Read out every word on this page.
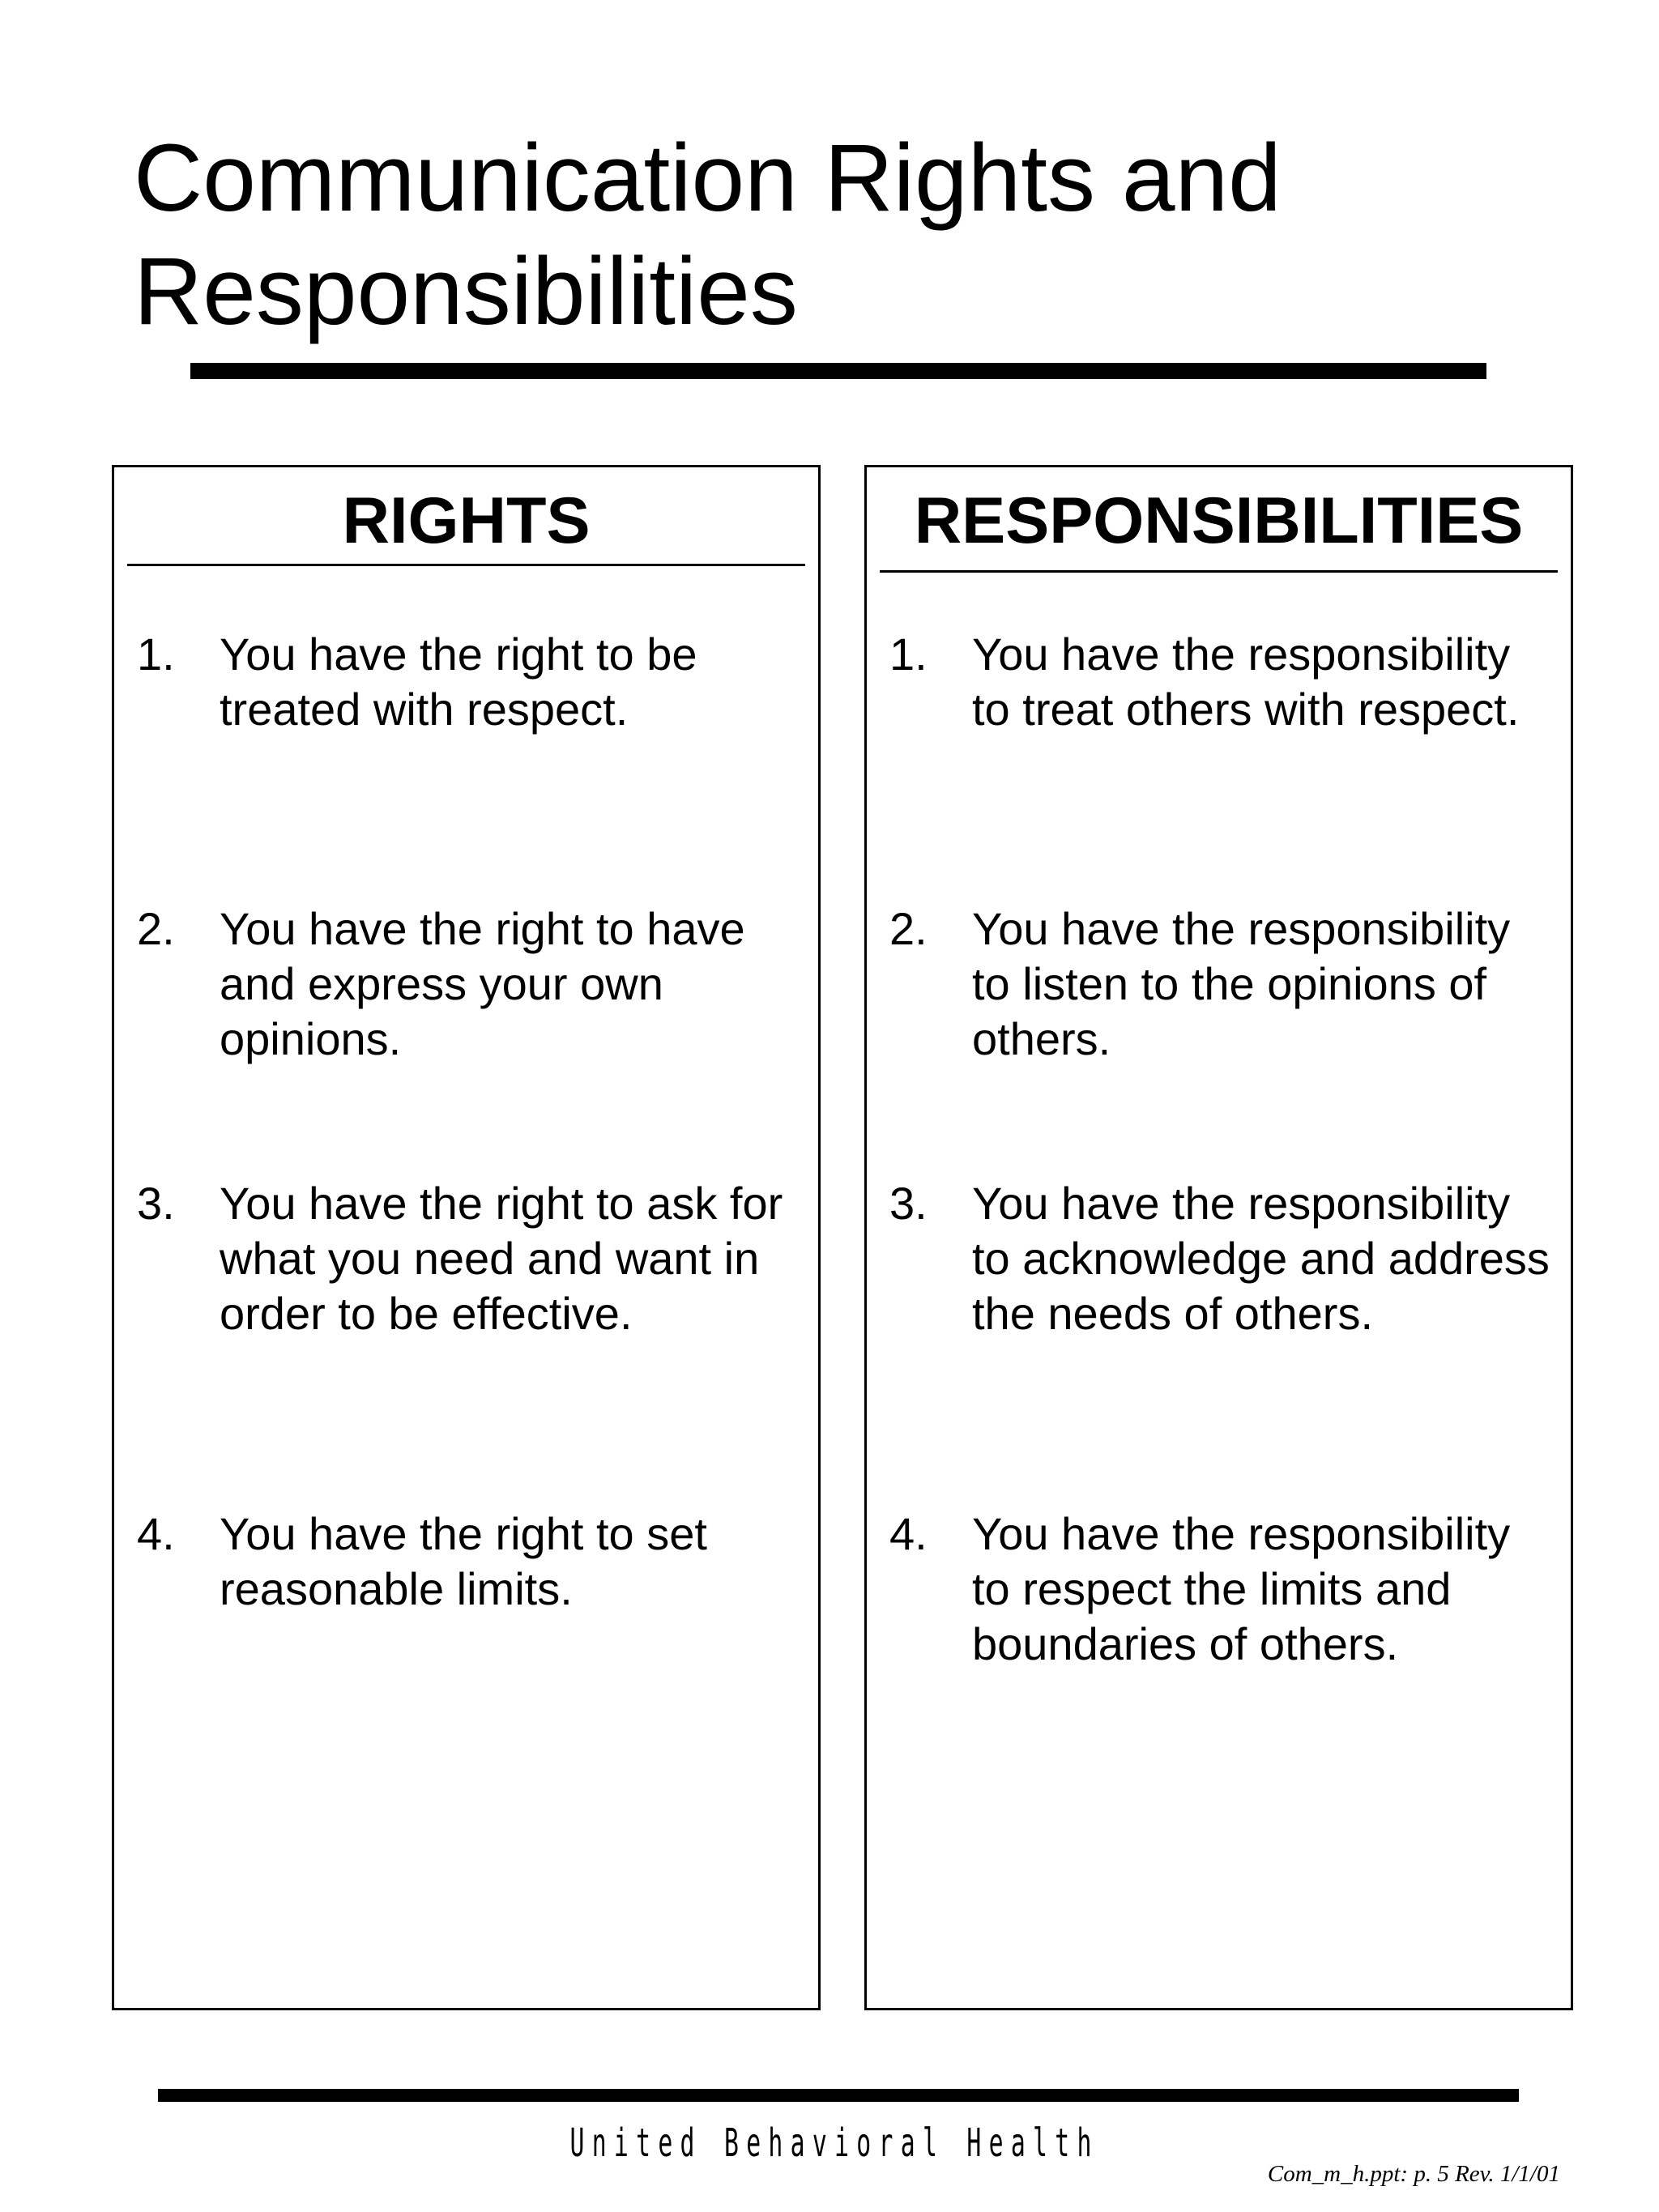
Communication Rights and
Responsibilities
RIGHTS
1. You have the right to be treated with respect.
2. You have the right to have and express your own opinions.
3. You have the right to ask for what you need and want in order to be effective.
4. You have the right to set reasonable limits.
RESPONSIBILITIES
1. You have the responsibility to treat others with respect.
2. You have the responsibility to listen to the opinions of others.
3. You have the responsibility to acknowledge and address the needs of others.
4. You have the responsibility to respect the limits and boundaries of others.
United Behavioral Health
Com_m_h.ppt: p. 5 Rev. 1/1/01
